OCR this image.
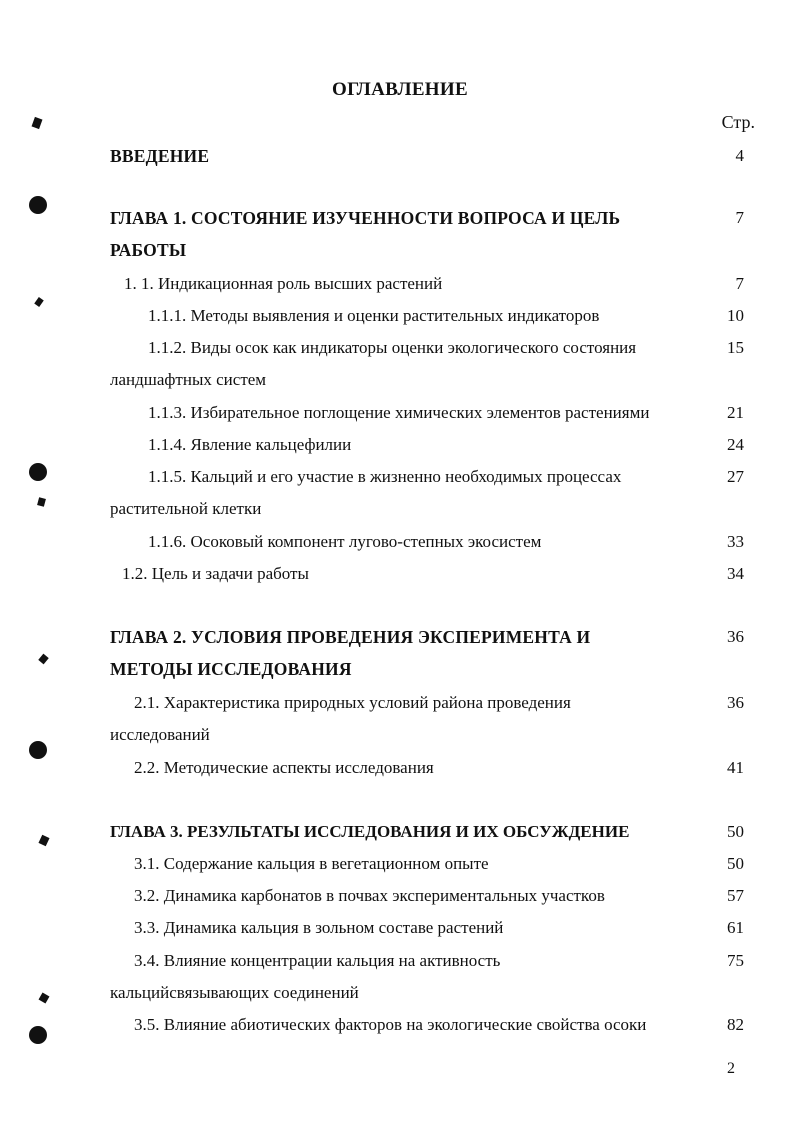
ОГЛАВЛЕНИЕ
Стр.
ВВЕДЕНИЕ	4
ГЛАВА 1. СОСТОЯНИЕ ИЗУЧЕННОСТИ ВОПРОСА И ЦЕЛЬ	7
РАБОТЫ
1. 1. Индикационная роль высших растений	7
1.1.1. Методы выявления и оценки растительных индикаторов	10
1.1.2. Виды осок как индикаторы оценки экологического состояния	15
ландшафтных систем
1.1.3. Избирательное поглощение химических элементов растениями	21
1.1.4. Явление кальцефилии	24
1.1.5. Кальций и его участие в жизненно необходимых процессах	27
растительной клетки
1.1.6. Осоковый компонент лугово-степных экосистем	33
1.2. Цель и задачи работы	34
ГЛАВА 2. УСЛОВИЯ ПРОВЕДЕНИЯ ЭКСПЕРИМЕНТА И	36
МЕТОДЫ ИССЛЕДОВАНИЯ
2.1. Характеристика природных условий района проведения	36
исследований
2.2. Методические аспекты исследования	41
ГЛАВА 3. РЕЗУЛЬТАТЫ ИССЛЕДОВАНИЯ И ИХ ОБСУЖДЕНИЕ	50
3.1. Содержание кальция в вегетационном опыте	50
3.2. Динамика карбонатов в почвах экспериментальных участков	57
3.3. Динамика кальция в зольном составе растений	61
3.4. Влияние концентрации кальция на активность	75
кальцийсвязывающих соединений
3.5. Влияние абиотических факторов на экологические свойства осоки	82
2
